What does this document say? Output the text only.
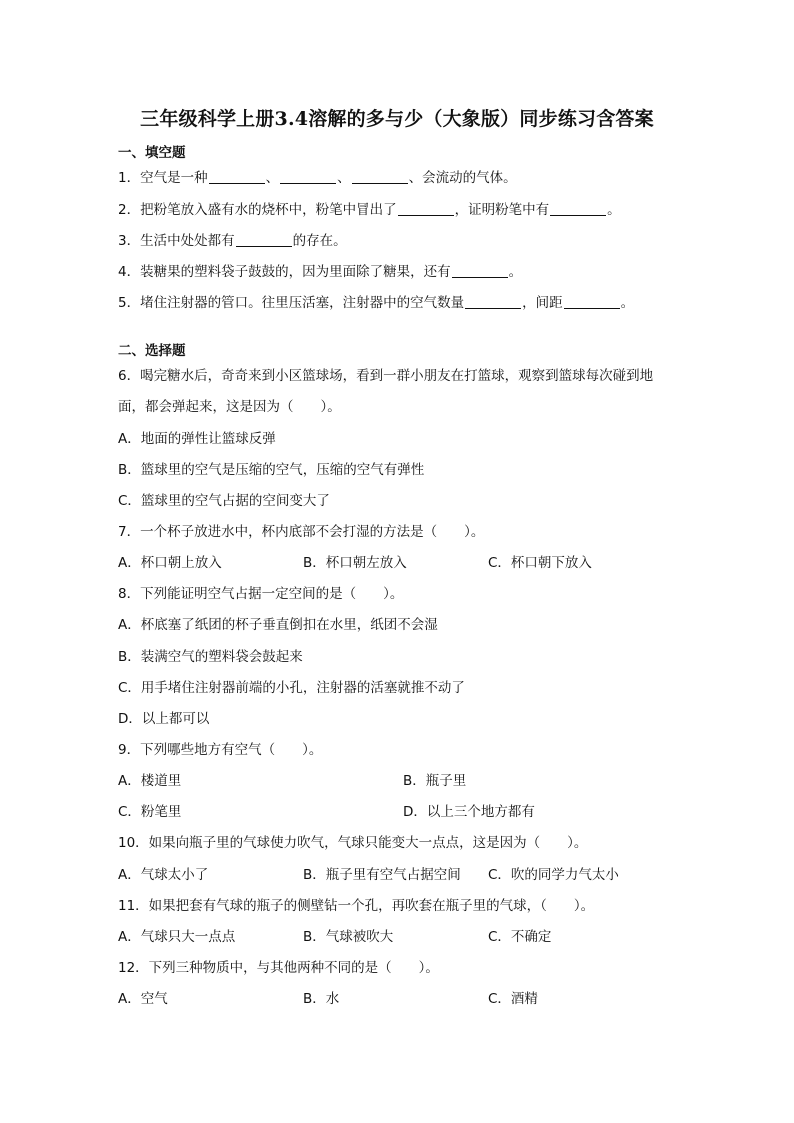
三年级科学上册3.4溶解的多与少（大象版）同步练习含答案
一、填空题
1．空气是一种	、	、	、会流动的气体。
2．把粉笔放入盛有水的烧杯中，粉笔中冒出了	，证明粉笔中有	。
3．生活中处处都有	的存在。
4．装糖果的塑料袋子鼓鼓的，因为里面除了糖果，还有	。
5．堵住注射器的管口。往里压活塞，注射器中的空气数量	，间距	。
二、选择题
6．喝完糖水后，奇奇来到小区篮球场，看到一群小朋友在打篮球，观察到篮球每次碰到地
面，都会弹起来，这是因为（　　）。
A．地面的弹性让篮球反弹
B．篮球里的空气是压缩的空气，压缩的空气有弹性
C．篮球里的空气占据的空间变大了
7．一个杯子放进水中，杯内底部不会打湿的方法是（　　）。
A．杯口朝上放入	B．杯口朝左放入	C．杯口朝下放入
8．下列能证明空气占据一定空间的是（　　）。
A．杯底塞了纸团的杯子垂直倒扣在水里，纸团不会湿
B．装满空气的塑料袋会鼓起来
C．用手堵住注射器前端的小孔，注射器的活塞就推不动了
D．以上都可以
9．下列哪些地方有空气（　　）。
A．楼道里	B．瓶子里
C．粉笔里	D．以上三个地方都有
10．如果向瓶子里的气球使力吹气，气球只能变大一点点，这是因为（　　）。
A．气球太小了	B．瓶子里有空气占据空间 C．吹的同学力气太小
11．如果把套有气球的瓶子的侧壁钻一个孔，再吹套在瓶子里的气球，（　　）。
A．气球只大一点点	B．气球被吹大	C．不确定
12．下列三种物质中，与其他两种不同的是（　　）。
A．空气	B．水	C．酒精
